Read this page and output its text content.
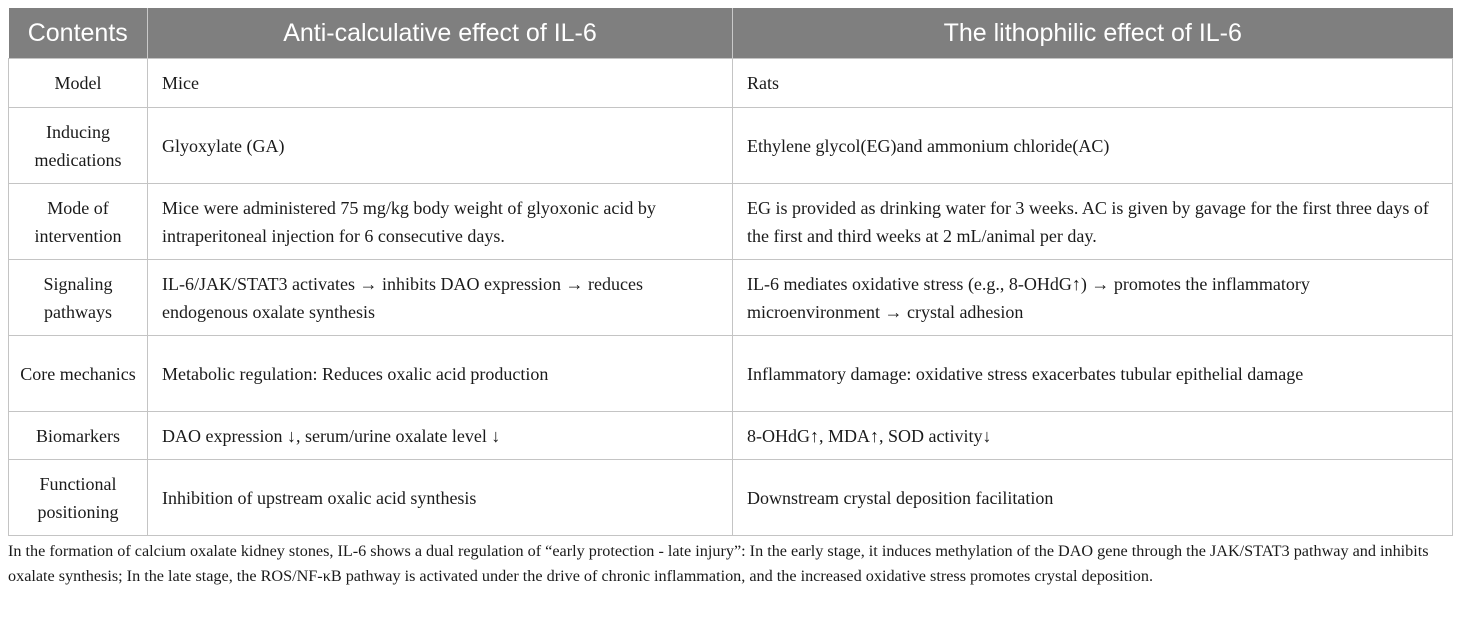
Contents	Anti-calculative effect of IL-6	The lithophilic effect of IL-6
Model	Mice	Rats
Inducing medications	Glyoxylate (GA)	Ethylene glycol(EG)and ammonium chloride(AC)
Mode of intervention	Mice were administered 75 mg/kg body weight of glyoxonic acid by intraperitoneal injection for 6 consecutive days.	EG is provided as drinking water for 3 weeks. AC is given by gavage for the first three days of the first and third weeks at 2 mL/animal per day.
Signaling pathways	IL-6/JAK/STAT3 activates → inhibits DAO expression → reduces endogenous oxalate synthesis	IL-6 mediates oxidative stress (e.g., 8-OHdG↑) → promotes the inflammatory microenvironment → crystal adhesion
Core mechanics	Metabolic regulation: Reduces oxalic acid production	Inflammatory damage: oxidative stress exacerbates tubular epithelial damage
Biomarkers	DAO expression ↓, serum/urine oxalate level ↓	8-OHdG↑, MDA↑, SOD activity↓
Functional positioning	Inhibition of upstream oxalic acid synthesis	Downstream crystal deposition facilitation
In the formation of calcium oxalate kidney stones, IL-6 shows a dual regulation of “early protection - late injury”: In the early stage, it induces methylation of the DAO gene through the JAK/STAT3 pathway and inhibits oxalate synthesis; In the late stage, the ROS/NF-κB pathway is activated under the drive of chronic inflammation, and the increased oxidative stress promotes crystal deposition.
